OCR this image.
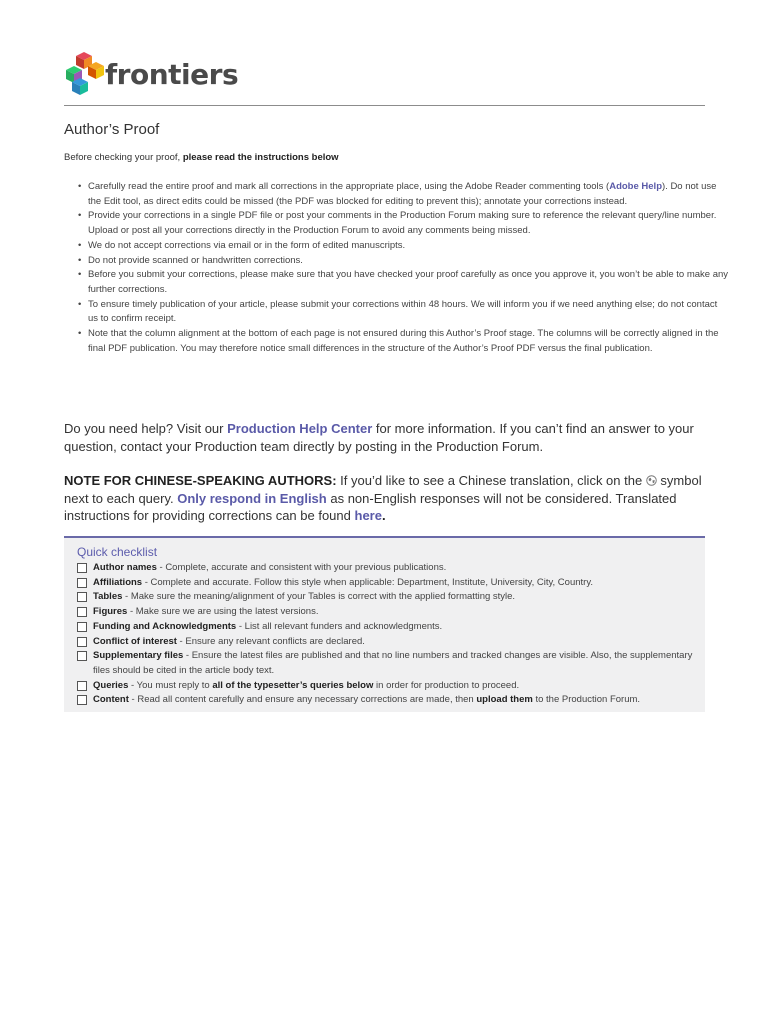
frontiers
Author’s Proof
Before checking your proof, please read the instructions below
• Carefully read the entire proof and mark all corrections in the appropriate place, using the Adobe Reader commenting tools (Adobe Help). Do not use the Edit tool, as direct edits could be missed (the PDF was blocked for editing to prevent this); annotate your corrections instead.
• Provide your corrections in a single PDF file or post your comments in the Production Forum making sure to reference the relevant query/line number. Upload or post all your corrections directly in the Production Forum to avoid any comments being missed.
• We do not accept corrections via email or in the form of edited manuscripts.
• Do not provide scanned or handwritten corrections.
• Before you submit your corrections, please make sure that you have checked your proof carefully as once you approve it, you won’t be able to make any further corrections.
• To ensure timely publication of your article, please submit your corrections within 48 hours. We will inform you if we need anything else; do not contact us to confirm receipt.
• Note that the column alignment at the bottom of each page is not ensured during this Author’s Proof stage. The columns will be correctly aligned in the final PDF publication. You may therefore notice small differences in the structure of the Author’s Proof PDF versus the final publication.
Do you need help? Visit our Production Help Center for more information. If you can’t find an answer to your question, contact your Production team directly by posting in the Production Forum.
NOTE FOR CHINESE-SPEAKING AUTHORS: If you’d like to see a Chinese translation, click on the  symbol next to each query. Only respond in English as non-English responses will not be considered. Translated instructions for providing corrections can be found here.
Quick checklist
Author names - Complete, accurate and consistent with your previous publications.
Affiliations - Complete and accurate. Follow this style when applicable: Department, Institute, University, City, Country.
Tables - Make sure the meaning/alignment of your Tables is correct with the applied formatting style.
Figures - Make sure we are using the latest versions.
Funding and Acknowledgments - List all relevant funders and acknowledgments.
Conflict of interest - Ensure any relevant conflicts are declared.
Supplementary files - Ensure the latest files are published and that no line numbers and tracked changes are visible. Also, the supplementary files should be cited in the article body text.
Queries - You must reply to all of the typesetter’s queries below in order for production to proceed.
Content - Read all content carefully and ensure any necessary corrections are made, then upload them to the Production Forum.
